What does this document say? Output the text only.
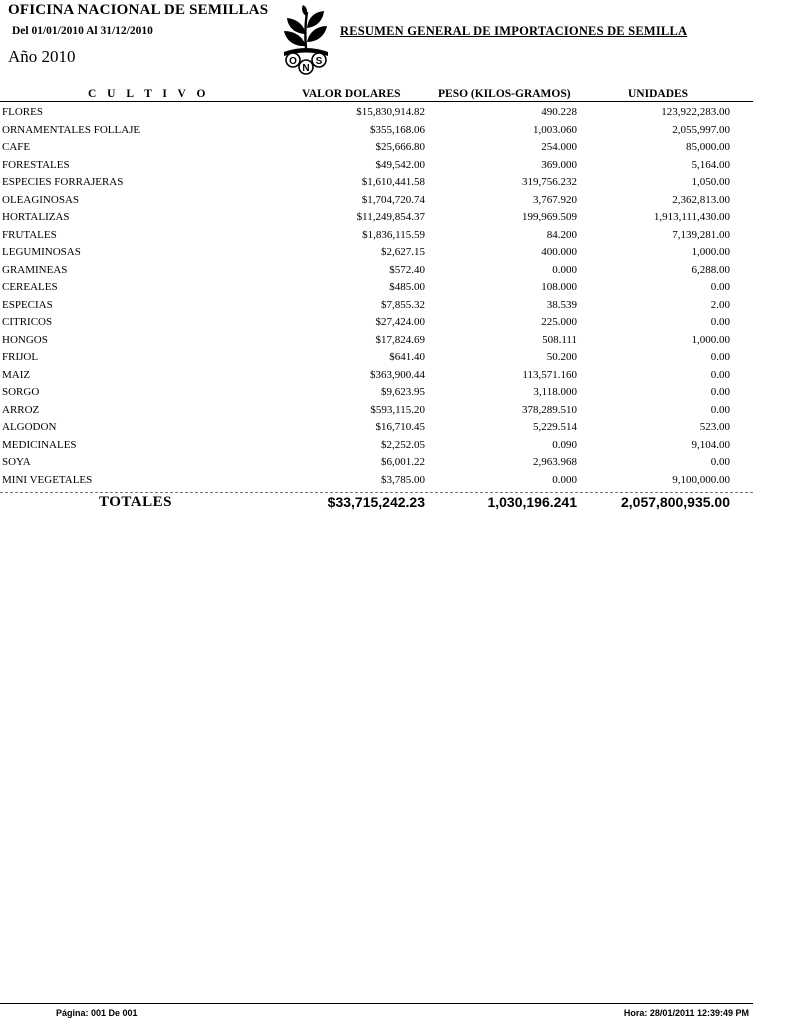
OFICINA NACIONAL DE SEMILLAS
Del 01/01/2010 Al 31/12/2010
Año 2010	O
N
S
RESUMEN GENERAL DE IMPORTACIONES DE SEMILLA
C U L T I V O	VALOR DOLARES	PESO (KILOS-GRAMOS)	UNIDADES
FLORES	$15,830,914.82	490.228	123,922,283.00
ORNAMENTALES FOLLAJE	$355,168.06	1,003.060	2,055,997.00
CAFE	$25,666.80	254.000	85,000.00
FORESTALES	$49,542.00	369.000	5,164.00
ESPECIES FORRAJERAS	$1,610,441.58	319,756.232	1,050.00
OLEAGINOSAS	$1,704,720.74	3,767.920	2,362,813.00
HORTALIZAS	$11,249,854.37	199,969.509	1,913,111,430.00
FRUTALES	$1,836,115.59	84.200	7,139,281.00
LEGUMINOSAS	$2,627.15	400.000	1,000.00
GRAMINEAS	$572.40	0.000	6,288.00
CEREALES	$485.00	108.000	0.00
ESPECIAS	$7,855.32	38.539	2.00
CITRICOS	$27,424.00	225.000	0.00
HONGOS	$17,824.69	508.111	1,000.00
FRIJOL	$641.40	50.200	0.00
MAIZ	$363,900.44	113,571.160	0.00
SORGO	$9,623.95	3,118.000	0.00
ARROZ	$593,115.20	378,289.510	0.00
ALGODON	$16,710.45	5,229.514	523.00
MEDICINALES	$2,252.05	0.090	9,104.00
SOYA	$6,001.22	2,963.968	0.00
MINI VEGETALES	$3,785.00	0.000	9,100,000.00
TOTALES	$33,715,242.23	1,030,196.241	2,057,800,935.00
Página: 001 De 001	Hora: 28/01/2011 12:39:49 PM
